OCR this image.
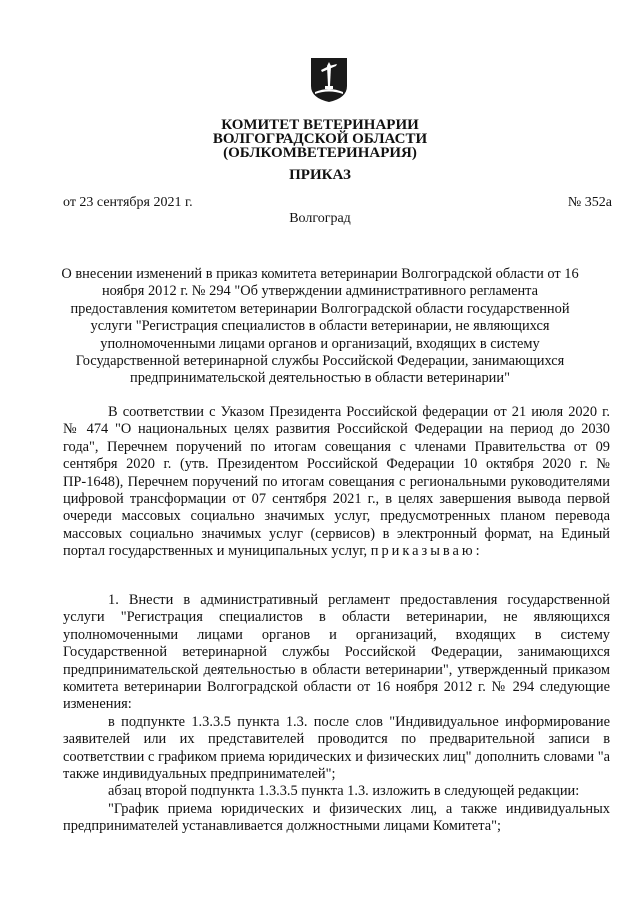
КОМИТЕТ ВЕТЕРИНАРИИ
ВОЛГОГРАДСКОЙ ОБЛАСТИ
(ОБЛКОМВЕТЕРИНАРИЯ)
ПРИКАЗ
от 23 сентября 2021 г.	№ 352а
Волгоград
О внесении изменений в приказ комитета ветеринарии Волгоградской области от 16 ноября 2012 г. № 294 "Об утверждении административного регламента предоставления комитетом ветеринарии Волгоградской области государственной услуги "Регистрация специалистов в области ветеринарии, не являющихся уполномоченными лицами органов и организаций, входящих в систему Государственной ветеринарной службы Российской Федерации, занимающихся предпринимательской деятельностью в области ветеринарии"
В соответствии с Указом Президента Российской федерации от 21 июля 2020 г. № 474 "О национальных целях развития Российской Федерации на период до 2030 года", Перечнем поручений по итогам совещания с членами Правительства от 09 сентября 2020 г. (утв. Президентом Российской Федерации 10 октября 2020 г. № ПР-1648), Перечнем поручений по итогам совещания с региональными руководителями цифровой трансформации от 07 сентября 2021 г., в целях завершения вывода первой очереди массовых социально значимых услуг, предусмотренных планом перевода массовых социально значимых услуг (сервисов) в электронный формат, на Единый портал государственных и муниципальных услуг, приказываю:

1. Внести в административный регламент предоставления государственной услуги "Регистрация специалистов в области ветеринарии, не являющихся уполномоченными лицами органов и организаций, входящих в систему Государственной ветеринарной службы Российской Федерации, занимающихся предпринимательской деятельностью в области ветеринарии", утвержденный приказом комитета ветеринарии Волгоградской области от 16 ноября 2012 г. № 294 следующие изменения:

в подпункте 1.3.3.5 пункта 1.3. после слов "Индивидуальное информирование заявителей или их представителей проводится по предварительной записи в соответствии с графиком приема юридических и физических лиц" дополнить словами "а также индивидуальных предпринимателей";

абзац второй подпункта 1.3.3.5 пункта 1.3. изложить в следующей редакции:

"График приема юридических и физических лиц, а также индивидуальных предпринимателей устанавливается должностными лицами Комитета";
